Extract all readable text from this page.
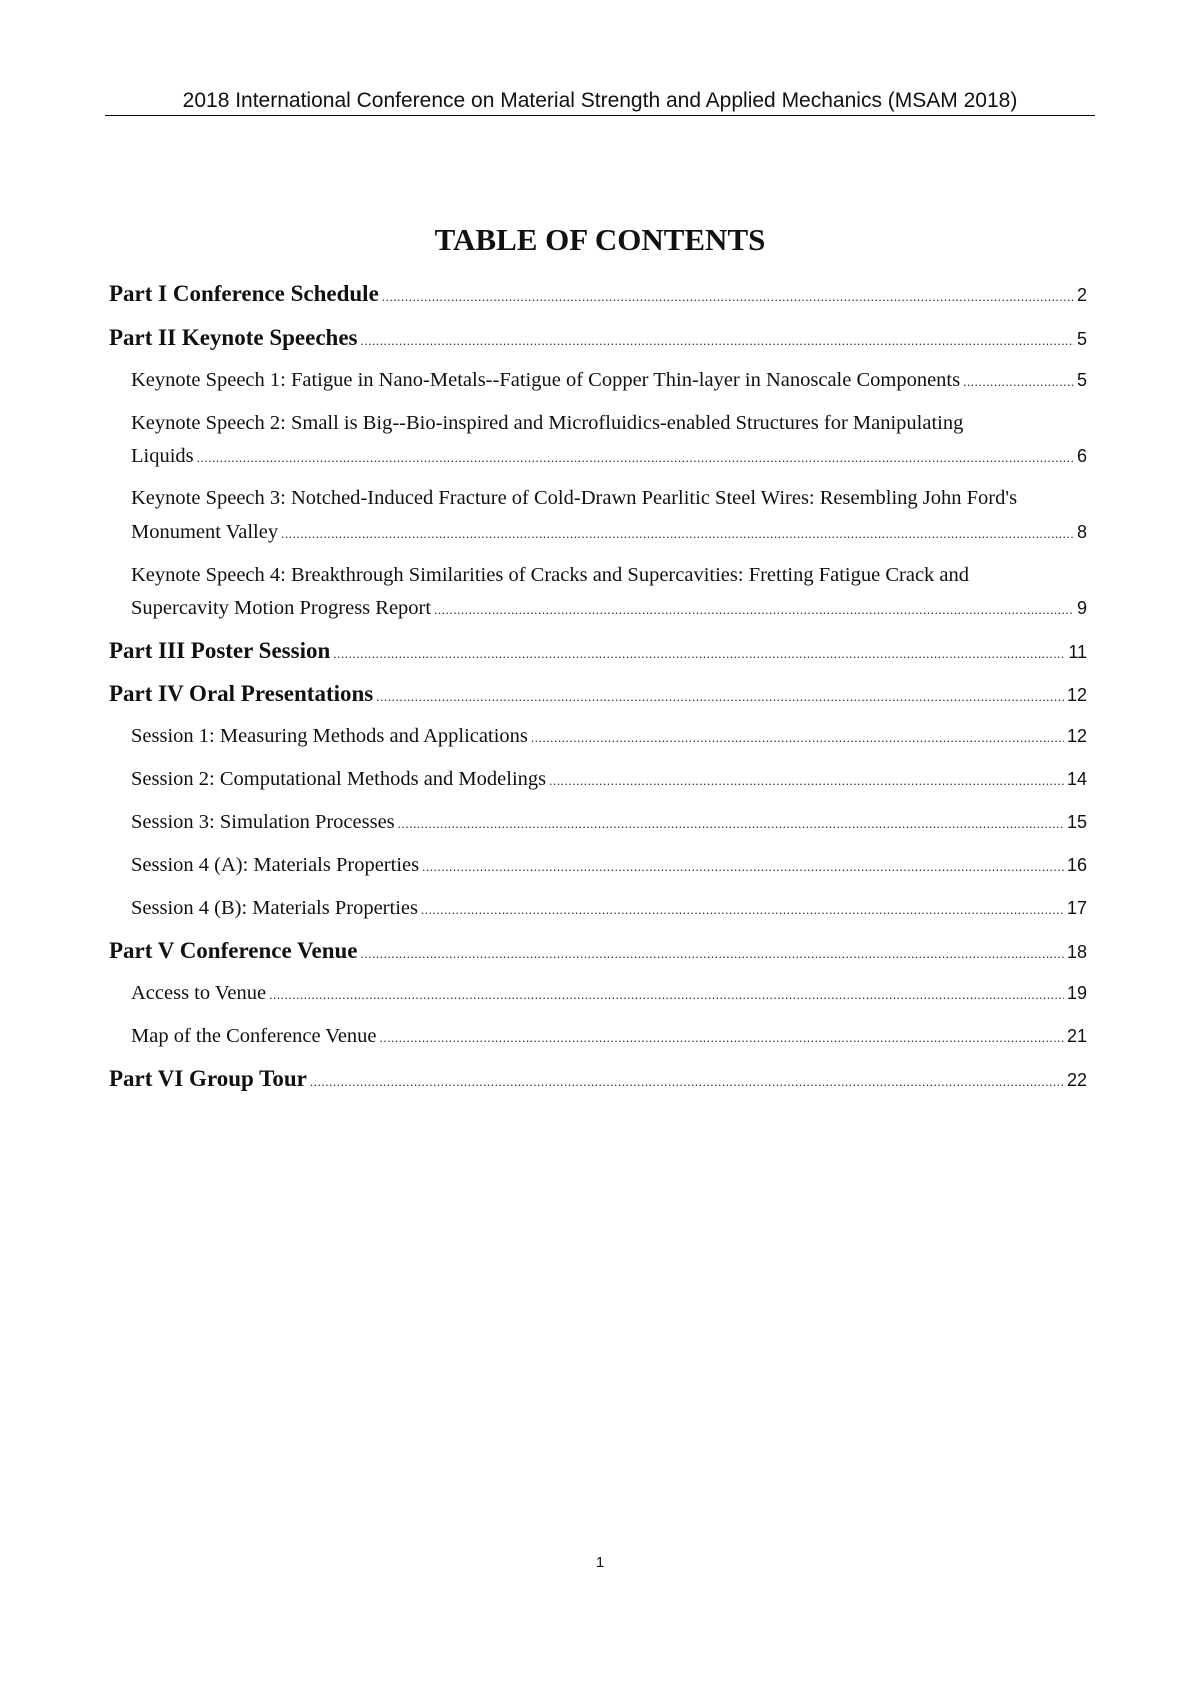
2018 International Conference on Material Strength and Applied Mechanics (MSAM 2018)
TABLE OF CONTENTS
Part I Conference Schedule .....	2
Part II Keynote Speeches .....	5
Keynote Speech 1: Fatigue in Nano-Metals--Fatigue of Copper Thin-layer in Nanoscale Components .....	5
Keynote Speech 2: Small is Big--Bio-inspired and Microfluidics-enabled Structures for Manipulating
Liquids .....	6
Keynote Speech 3: Notched-Induced Fracture of Cold-Drawn Pearlitic Steel Wires: Resembling John Ford's
Monument Valley .....	8
Keynote Speech 4: Breakthrough Similarities of Cracks and Supercavities: Fretting Fatigue Crack and
Supercavity Motion Progress Report .....	9
Part III Poster Session .....	11
Part IV Oral Presentations .....	12
Session 1: Measuring Methods and Applications .....	12
Session 2: Computational Methods and Modelings .....	14
Session 3: Simulation Processes .....	15
Session 4 (A): Materials Properties .....	16
Session 4 (B): Materials Properties .....	17
Part V Conference Venue .....	18
Access to Venue .....	19
Map of the Conference Venue .....	21
Part VI Group Tour .....	22
1
